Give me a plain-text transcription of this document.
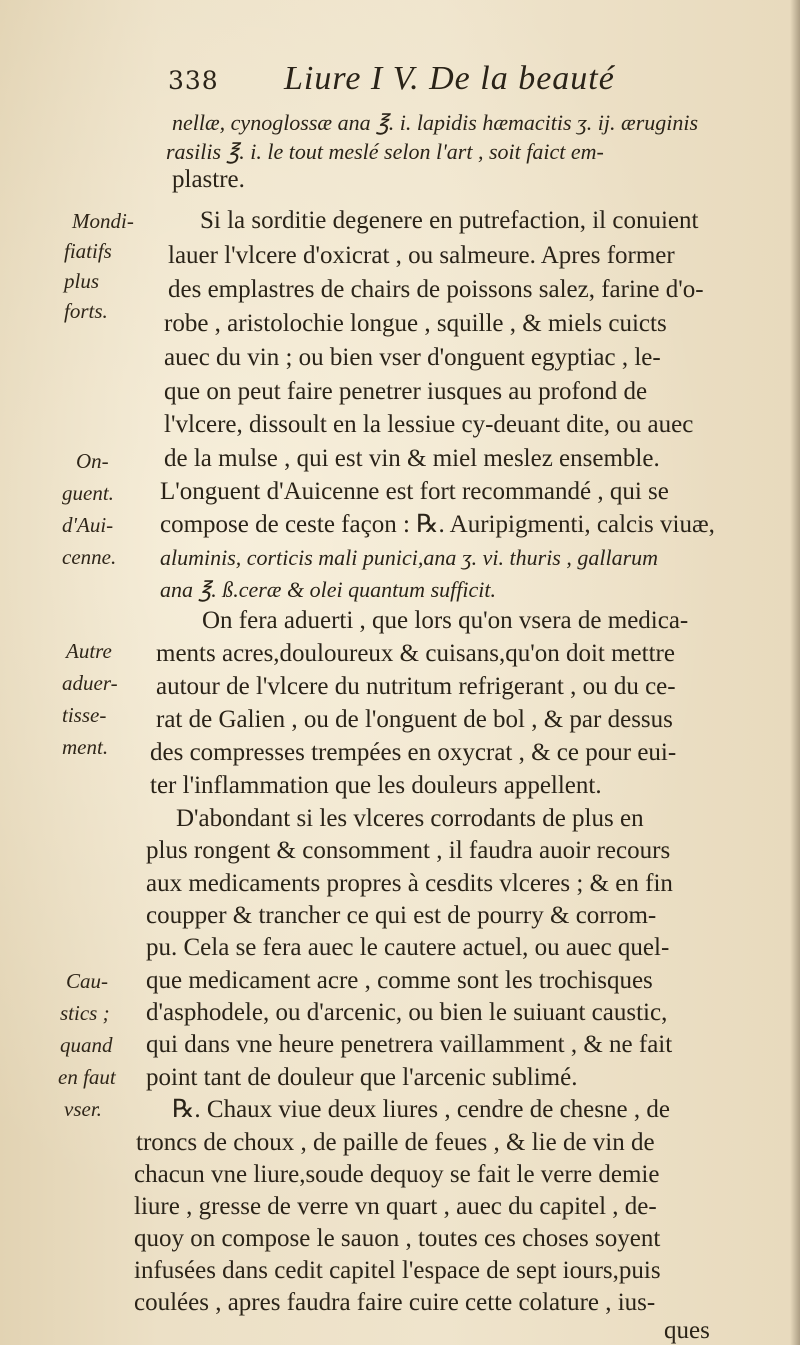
338 Liure I V. De la beauté
nellæ, cynoglossæ ana ℥. i. lapidis hæmacitis ʒ. ij. æruginis
rasilis ℥. i. le tout meslé selon l'art , soit faict em-
plastre.
Si la sorditie degenere en putrefaction, il conuient
lauer l'vlcere d'oxicrat , ou salmeure. Apres former
des emplastres de chairs de poissons salez, farine d'o-
robe , aristolochie longue , squille , & miels cuicts
auec du vin ; ou bien vser d'onguent egyptiac , le-
que on peut faire penetrer iusques au profond de
l'vlcere, dissoult en la lessiue cy-deuant dite, ou auec
de la mulse , qui est vin & miel meslez ensemble.
L'onguent d'Auicenne est fort recommandé , qui se
compose de ceste façon : ℞. Auripigmenti, calcis viuæ,
aluminis, corticis mali punici,ana ʒ. vi. thuris , gallarum
ana ℥. ß.ceræ & olei quantum sufficit.
On fera aduerti , que lors qu'on vsera de medica-
ments acres,douloureux & cuisans,qu'on doit mettre
autour de l'vlcere du nutritum refrigerant , ou du ce-
rat de Galien , ou de l'onguent de bol , & par dessus
des compresses trempées en oxycrat , & ce pour eui-
ter l'inflammation que les douleurs appellent.
D'abondant si les vlceres corrodants de plus en
plus rongent & consomment , il faudra auoir recours
aux medicaments propres à cesdits vlceres ; & en fin
coupper & trancher ce qui est de pourry & corrom-
pu. Cela se fera auec le cautere actuel, ou auec quel-
que medicament acre , comme sont les trochisques
d'asphodele, ou d'arcenic, ou bien le suiuant caustic,
qui dans vne heure penetrera vaillamment , & ne fait
point tant de douleur que l'arcenic sublimé.
℞. Chaux viue deux liures , cendre de chesne , de
troncs de choux , de paille de feues , & lie de vin de
chacun vne liure,soude dequoy se fait le verre demie
liure , gresse de verre vn quart , auec du capitel , de-
quoy on compose le sauon , toutes ces choses soyent
infusées dans cedit capitel l'espace de sept iours,puis
coulées , apres faudra faire cuire cette colature , ius-
ques
Mondi-
fiatifs
plus
forts.
On-
guent.
d'Aui-
cenne.
Autre
aduer-
tisse-
ment.
Cau-
stics ;
quand
en faut
vser.
